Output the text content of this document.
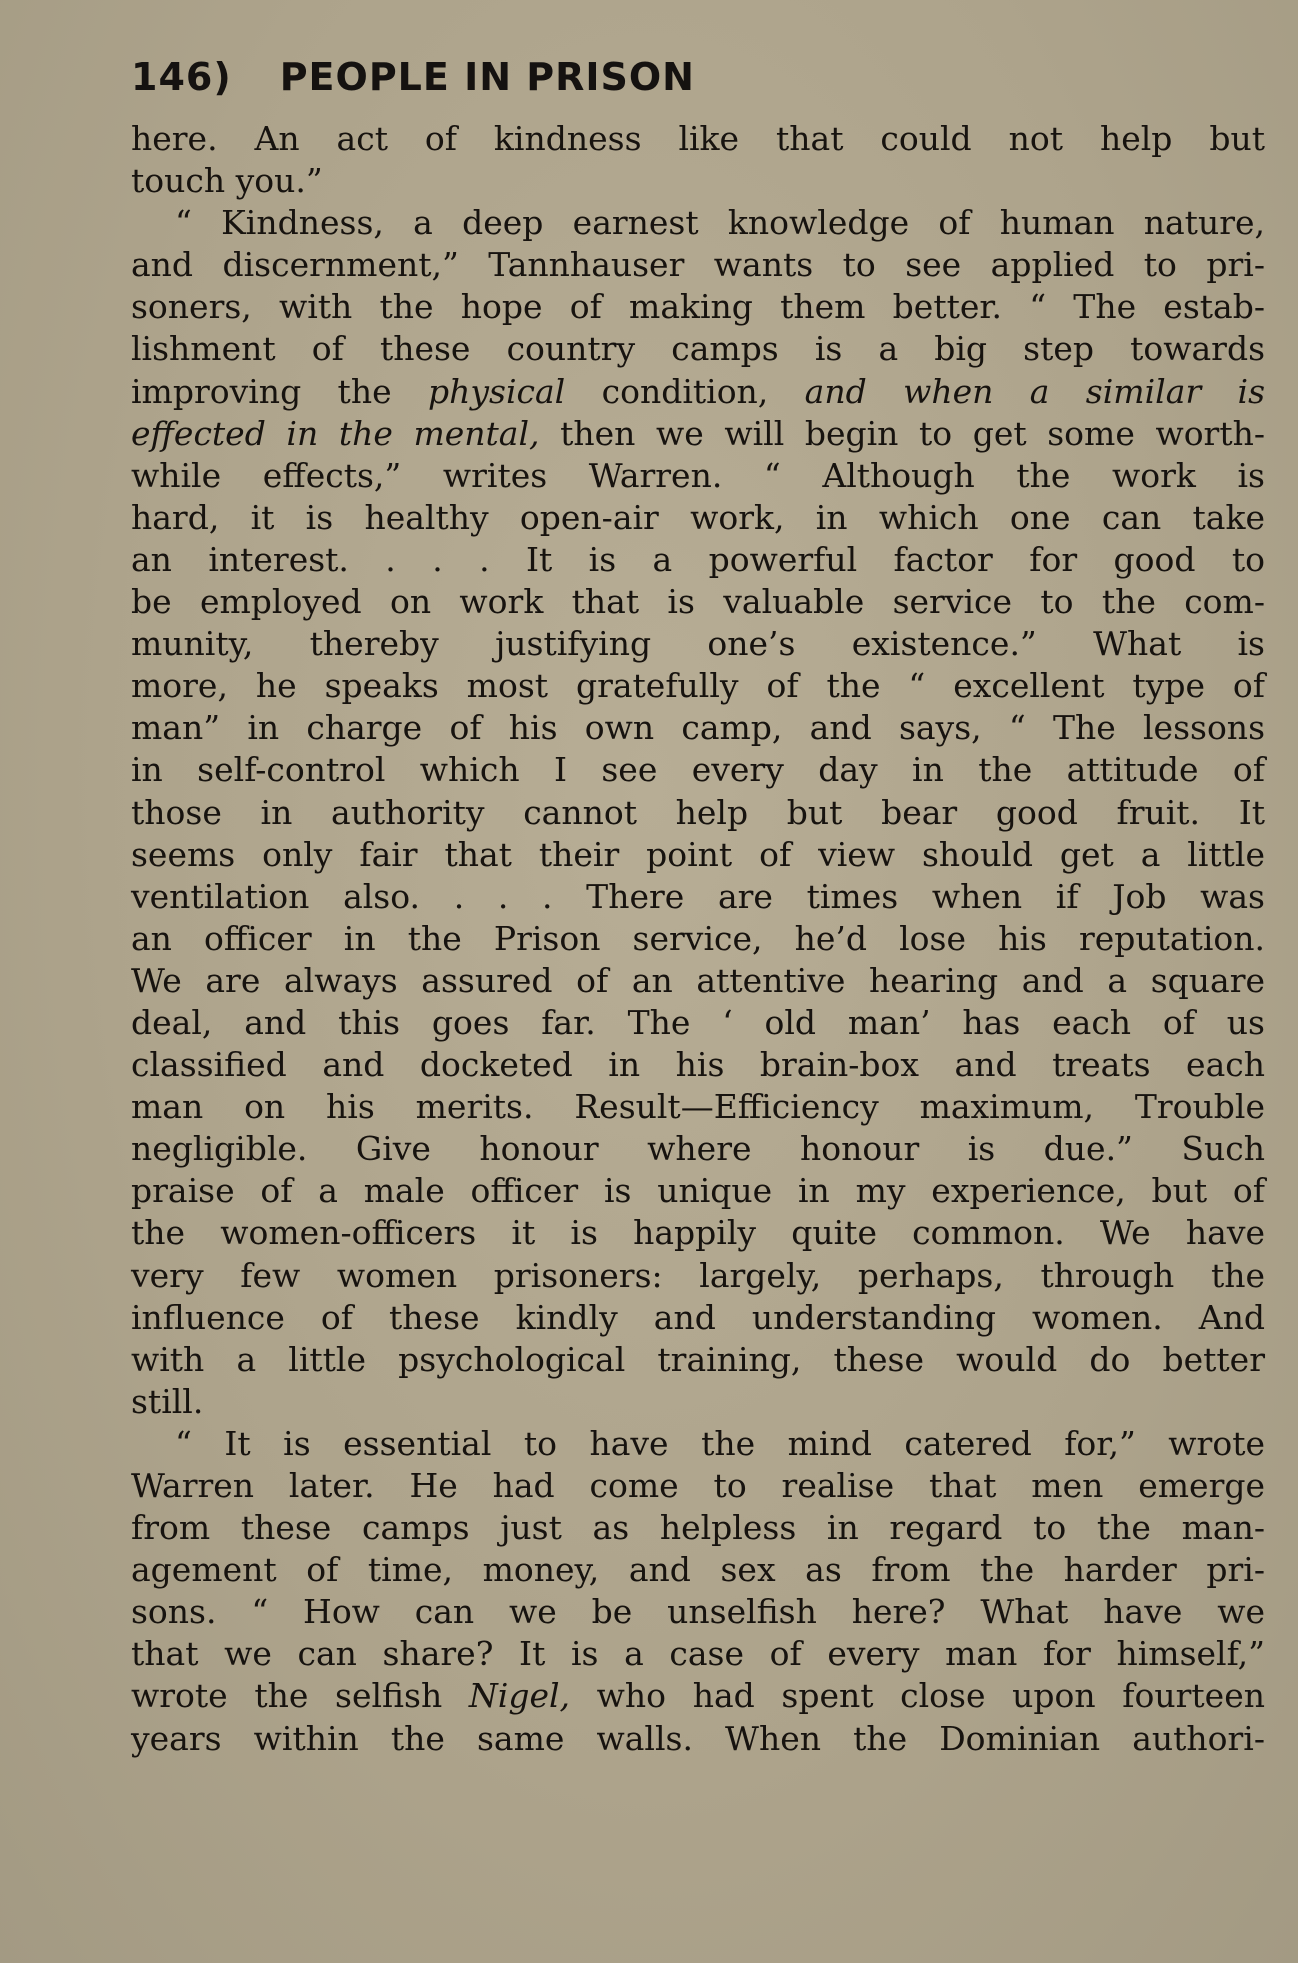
146) PEOPLE IN PRISON
here. An act of kindness like that could not help but
touch you.”
“ Kindness, a deep earnest knowledge of human nature,
and discernment,” Tannhauser wants to see applied to pri-
soners, with the hope of making them better. “ The estab-
lishment of these country camps is a big step towards
improving the physical condition, and when a similar is
effected in the mental, then we will begin to get some worth-
while effects,” writes Warren. “ Although the work is
hard, it is healthy open-air work, in which one can take
an interest. . . . It is a powerful factor for good to
be employed on work that is valuable service to the com-
munity, thereby justifying one’s existence.” What is
more, he speaks most gratefully of the “ excellent type of
man” in charge of his own camp, and says, “ The lessons
in self-control which I see every day in the attitude of
those in authority cannot help but bear good fruit. It
seems only fair that their point of view should get a little
ventilation also. . . . There are times when if Job was
an officer in the Prison service, he’d lose his reputation.
We are always assured of an attentive hearing and a square
deal, and this goes far. The ‘ old man’ has each of us
classified and docketed in his brain-box and treats each
man on his merits. Result—Efficiency maximum, Trouble
negligible. Give honour where honour is due.” Such
praise of a male officer is unique in my experience, but of
the women-officers it is happily quite common. We have
very few women prisoners: largely, perhaps, through the
influence of these kindly and understanding women. And
with a little psychological training, these would do better
still.
“ It is essential to have the mind catered for,” wrote
Warren later. He had come to realise that men emerge
from these camps just as helpless in regard to the man-
agement of time, money, and sex as from the harder pri-
sons. “ How can we be unselfish here? What have we
that we can share? It is a case of every man for himself,”
wrote the selfish Nigel, who had spent close upon fourteen
years within the same walls. When the Dominian authori-
